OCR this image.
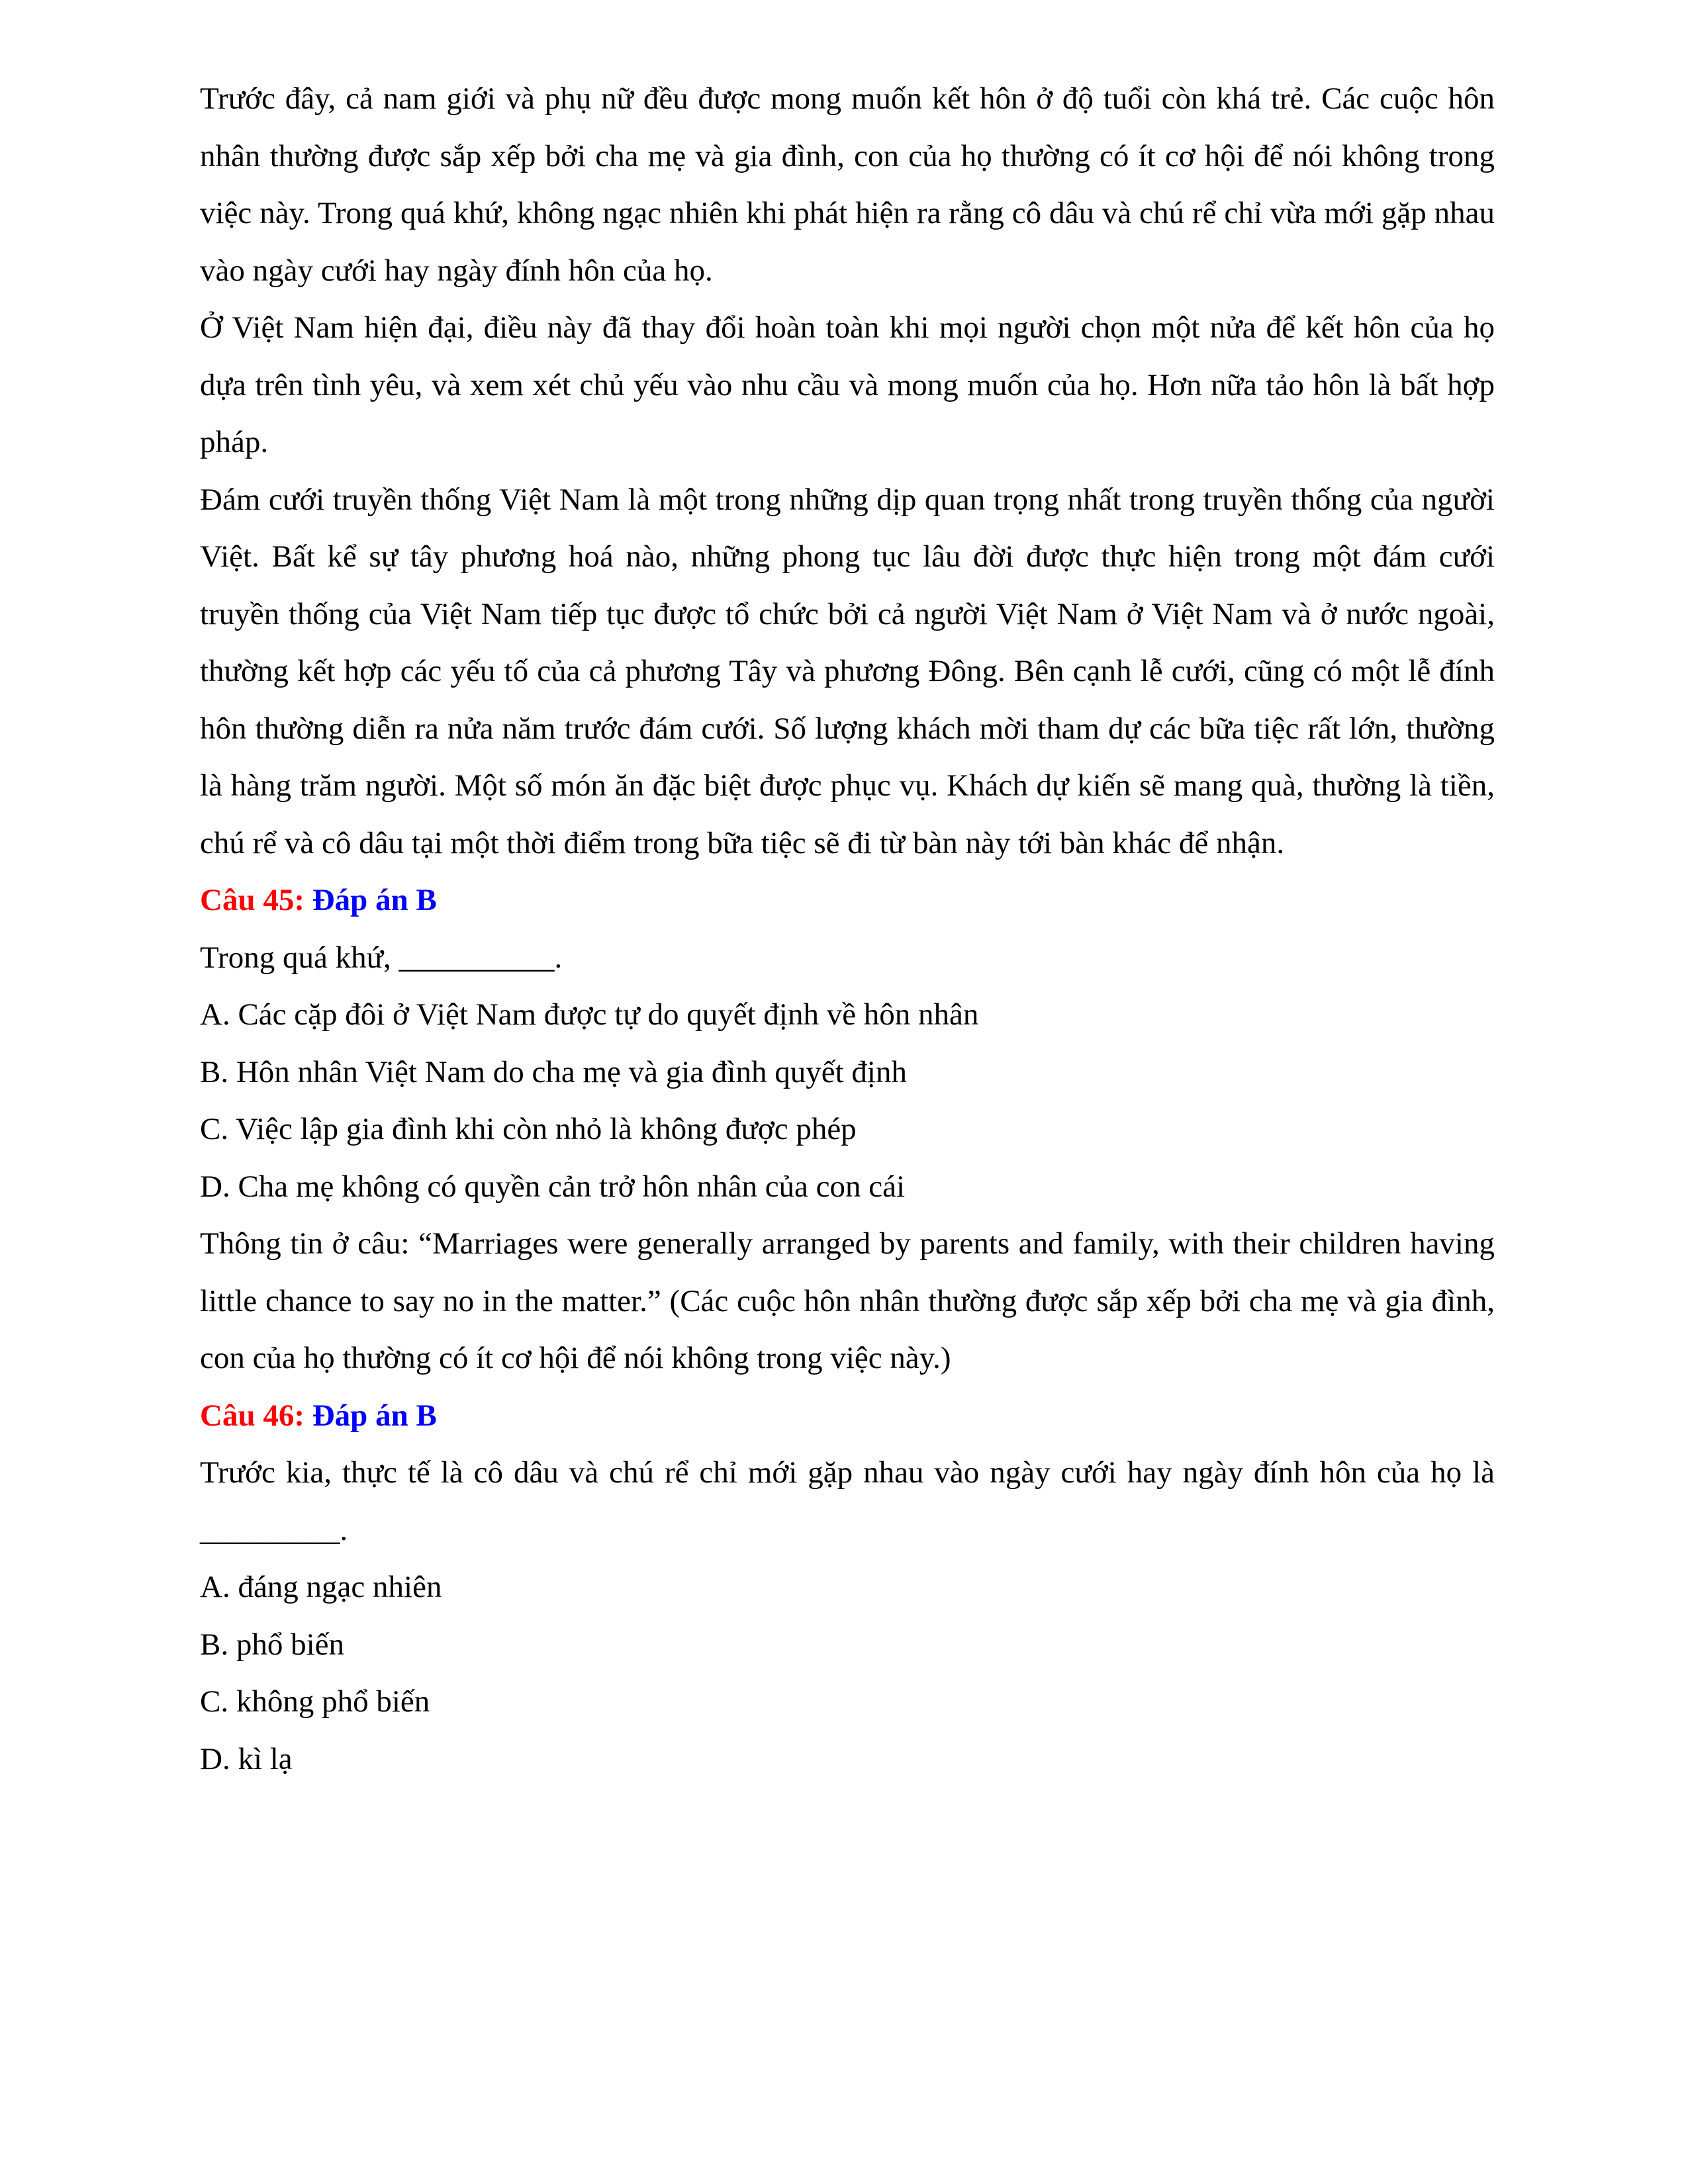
Trước đây, cả nam giới và phụ nữ đều được mong muốn kết hôn ở độ tuổi còn khá trẻ. Các cuộc hôn nhân thường được sắp xếp bởi cha mẹ và gia đình, con của họ thường có ít cơ hội để nói không trong việc này. Trong quá khứ, không ngạc nhiên khi phát hiện ra rằng cô dâu và chú rể chỉ vừa mới gặp nhau vào ngày cưới hay ngày đính hôn của họ.

Ở Việt Nam hiện đại, điều này đã thay đổi hoàn toàn khi mọi người chọn một nửa để kết hôn của họ dựa trên tình yêu, và xem xét chủ yếu vào nhu cầu và mong muốn của họ. Hơn nữa tảo hôn là bất hợp pháp.

Đám cưới truyền thống Việt Nam là một trong những dịp quan trọng nhất trong truyền thống của người Việt. Bất kể sự tây phương hoá nào, những phong tục lâu đời được thực hiện trong một đám cưới truyền thống của Việt Nam tiếp tục được tổ chức bởi cả người Việt Nam ở Việt Nam và ở nước ngoài, thường kết hợp các yếu tố của cả phương Tây và phương Đông. Bên cạnh lễ cưới, cũng có một lễ đính hôn thường diễn ra nửa năm trước đám cưới. Số lượng khách mời tham dự các bữa tiệc rất lớn, thường là hàng trăm người. Một số món ăn đặc biệt được phục vụ. Khách dự kiến sẽ mang quà, thường là tiền, chú rể và cô dâu tại một thời điểm trong bữa tiệc sẽ đi từ bàn này tới bàn khác để nhận.

Câu 45: Đáp án B

Trong quá khứ, __________.

A. Các cặp đôi ở Việt Nam được tự do quyết định về hôn nhân

B. Hôn nhân Việt Nam do cha mẹ và gia đình quyết định

C. Việc lập gia đình khi còn nhỏ là không được phép

D. Cha mẹ không có quyền cản trở hôn nhân của con cái

Thông tin ở câu: “Marriages were generally arranged by parents and family, with their children having little chance to say no in the matter.” (Các cuộc hôn nhân thường được sắp xếp bởi cha mẹ và gia đình, con của họ thường có ít cơ hội để nói không trong việc này.)

Câu 46: Đáp án B

Trước kia, thực tế là cô dâu và chú rể chỉ mới gặp nhau vào ngày cưới hay ngày đính hôn của họ là _________.

A. đáng ngạc nhiên

B. phổ biến

C. không phổ biến

D. kì lạ
